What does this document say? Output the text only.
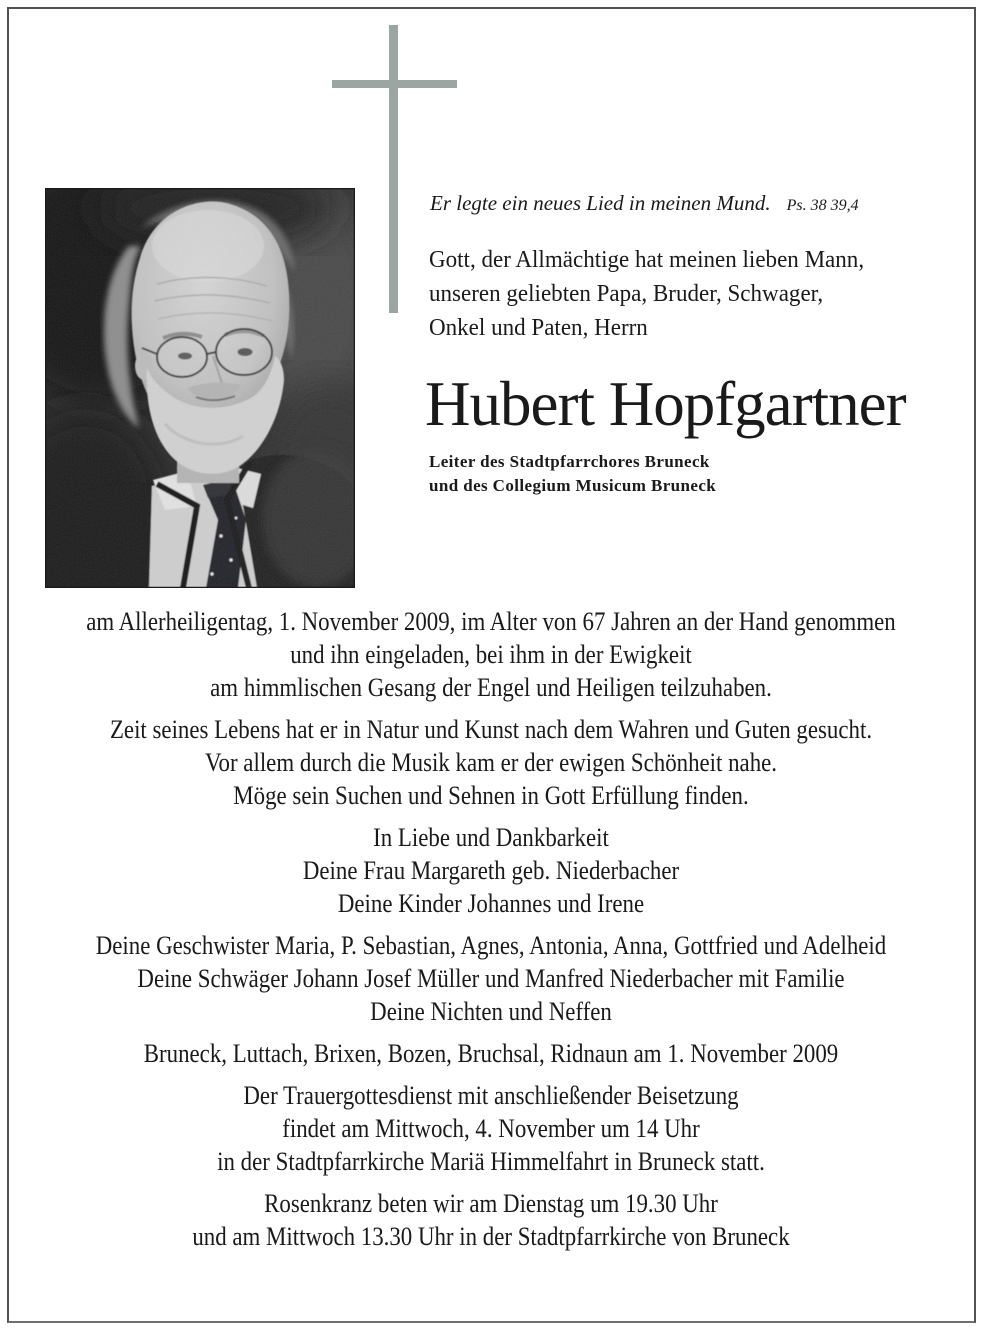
Er legte ein neues Lied in meinen Mund. Ps. 38 39,4
Gott, der Allmächtige hat meinen lieben Mann,
unseren geliebten Papa, Bruder, Schwager,
Onkel und Paten, Herrn
Hubert Hopfgartner
Leiter des Stadtpfarrchores Bruneck
und des Collegium Musicum Bruneck

am Allerheiligentag, 1. November 2009, im Alter von 67 Jahren an der Hand genommen
und ihn eingeladen, bei ihm in der Ewigkeit
am himmlischen Gesang der Engel und Heiligen teilzuhaben.

Zeit seines Lebens hat er in Natur und Kunst nach dem Wahren und Guten gesucht.
Vor allem durch die Musik kam er der ewigen Schönheit nahe.
Möge sein Suchen und Sehnen in Gott Erfüllung finden.

In Liebe und Dankbarkeit
Deine Frau Margareth geb. Niederbacher
Deine Kinder Johannes und Irene

Deine Geschwister Maria, P. Sebastian, Agnes, Antonia, Anna, Gottfried und Adelheid
Deine Schwäger Johann Josef Müller und Manfred Niederbacher mit Familie
Deine Nichten und Neffen

Bruneck, Luttach, Brixen, Bozen, Bruchsal, Ridnaun am 1. November 2009

Der Trauergottesdienst mit anschließender Beisetzung
findet am Mittwoch, 4. November um 14 Uhr
in der Stadtpfarrkirche Mariä Himmelfahrt in Bruneck statt.

Rosenkranz beten wir am Dienstag um 19.30 Uhr
und am Mittwoch 13.30 Uhr in der Stadtpfarrkirche von Bruneck
